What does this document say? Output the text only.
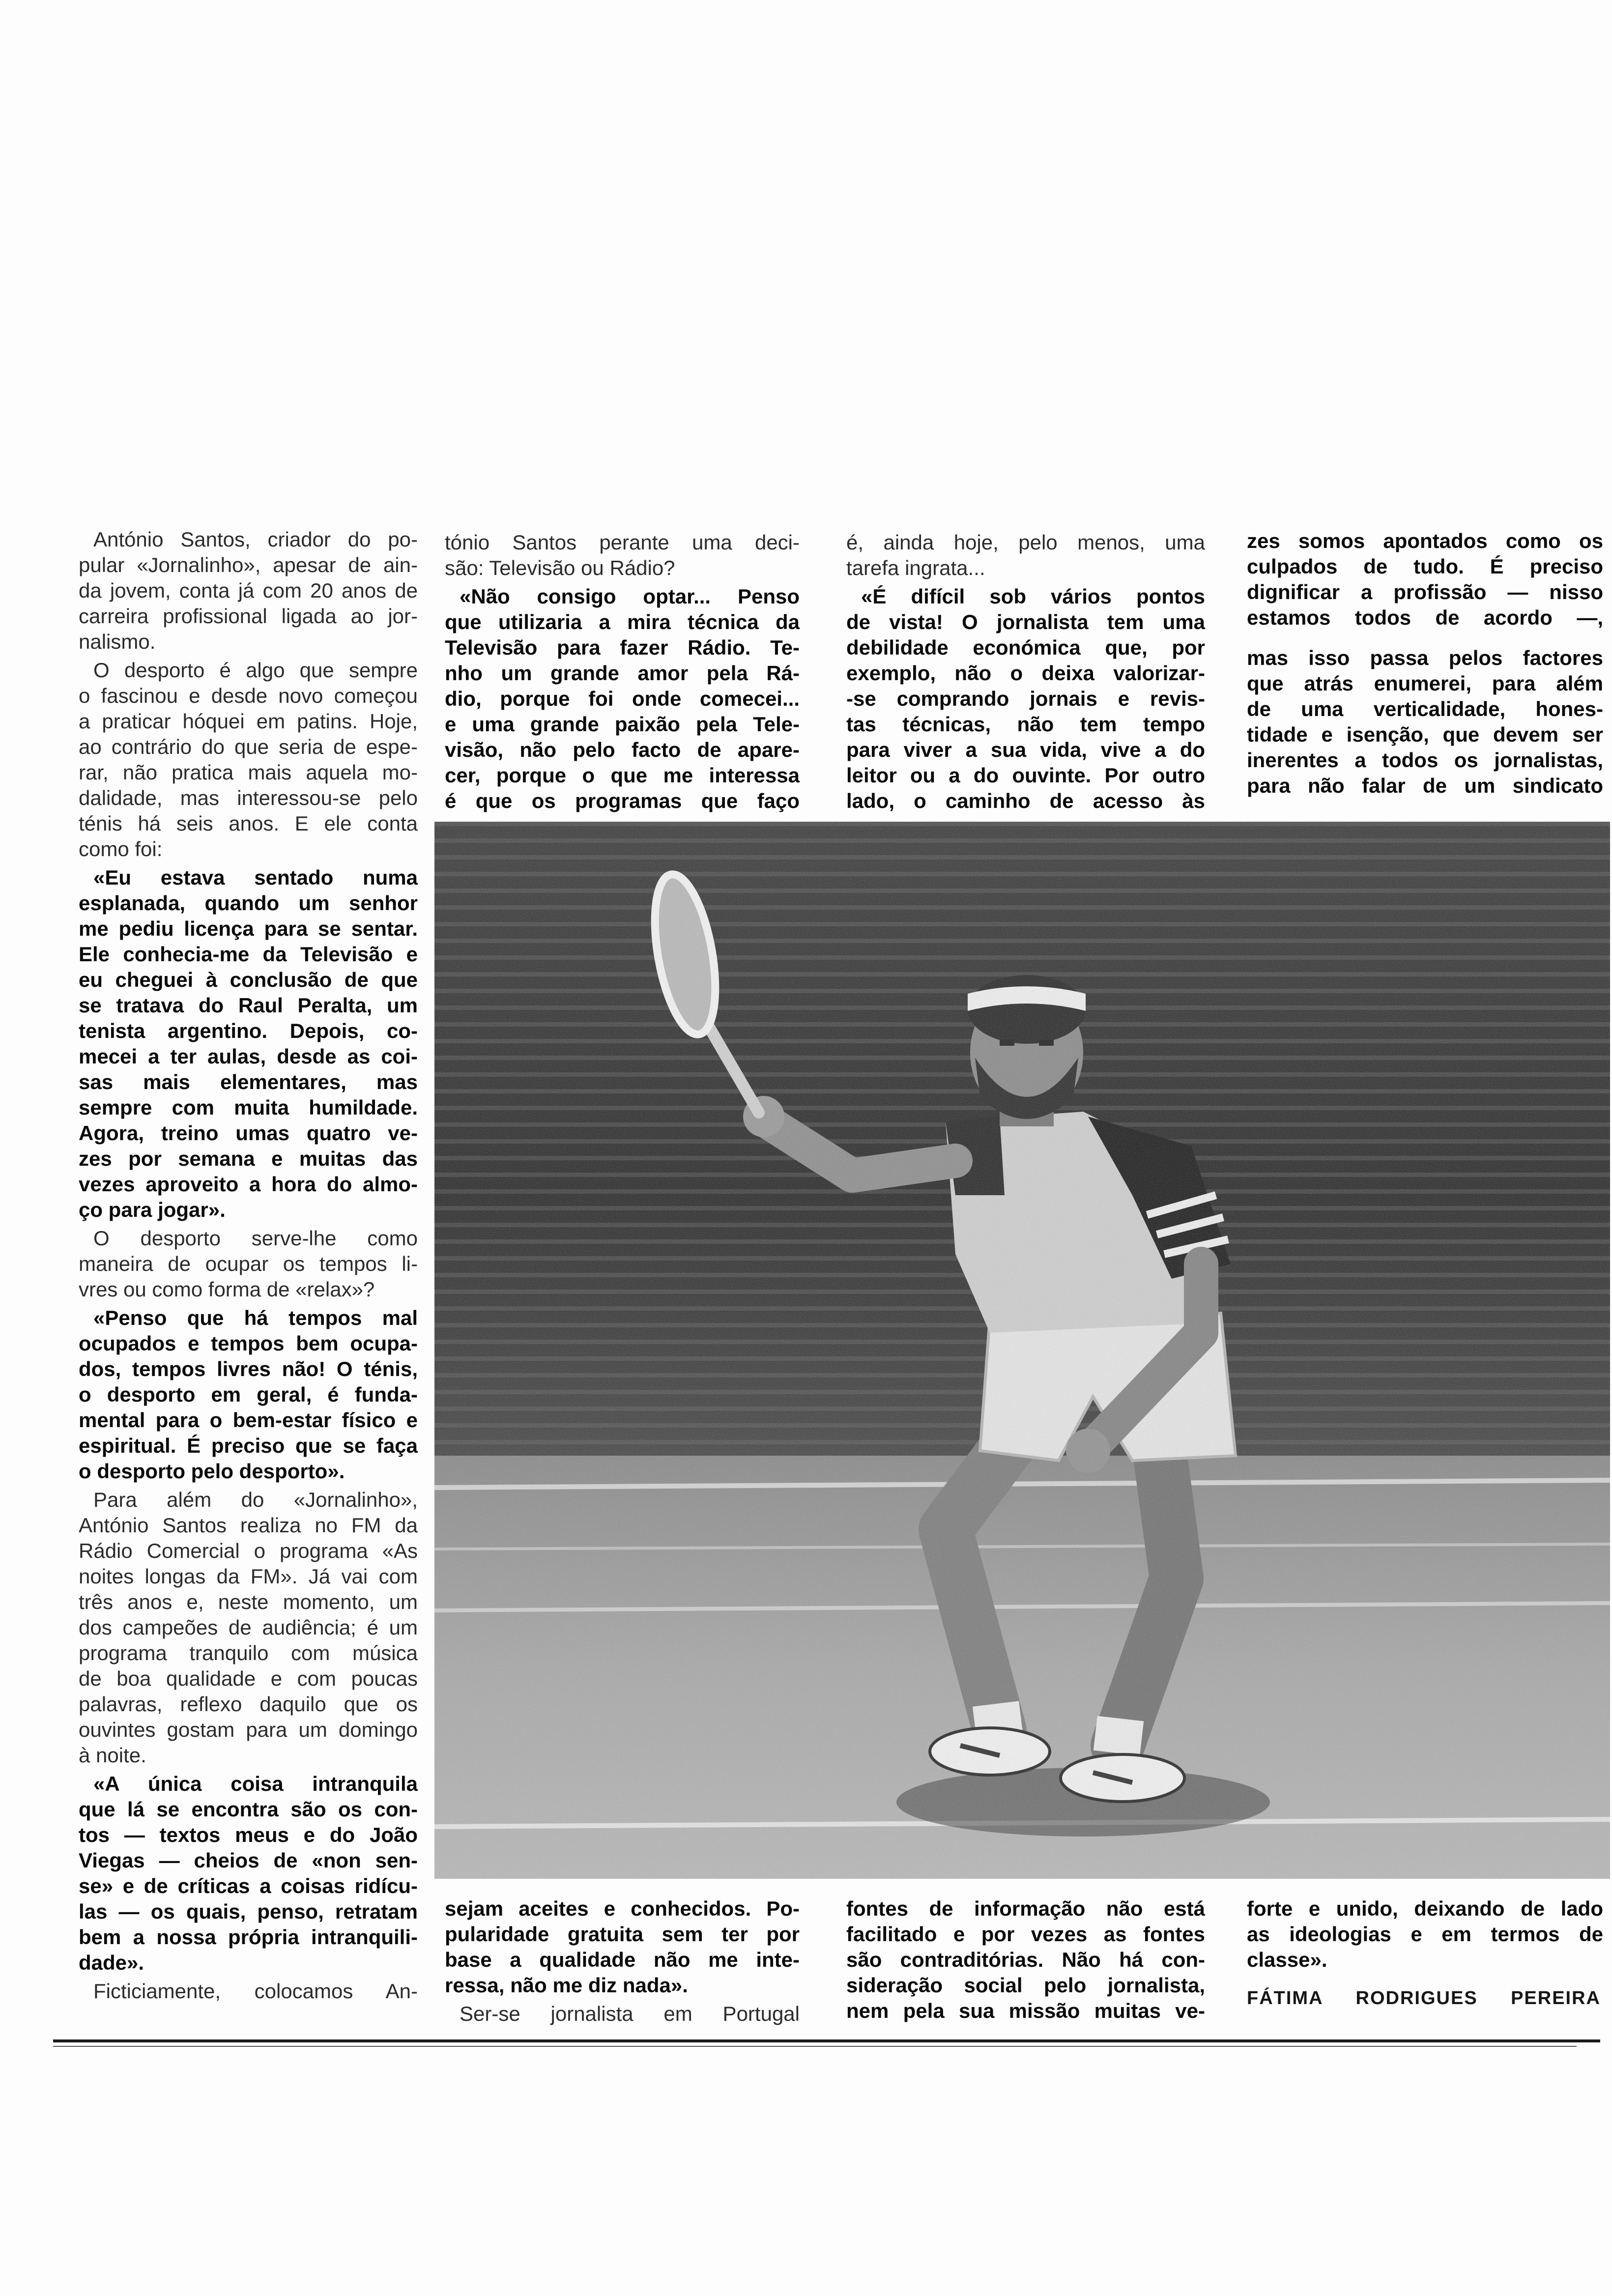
António Santos, criador do po-
pular «Jornalinho», apesar de ain-
da jovem, conta já com 20 anos de
carreira profissional ligada ao jor-
nalismo.
O desporto é algo que sempre
o fascinou e desde novo começou
a praticar hóquei em patins. Hoje,
ao contrário do que seria de espe-
rar, não pratica mais aquela mo-
dalidade, mas interessou-se pelo
ténis há seis anos. E ele conta
como foi:
«Eu estava sentado numa
esplanada, quando um senhor
me pediu licença para se sentar.
Ele conhecia-me da Televisão e
eu cheguei à conclusão de que
se tratava do Raul Peralta, um
tenista argentino. Depois, co-
mecei a ter aulas, desde as coi-
sas mais elementares, mas
sempre com muita humildade.
Agora, treino umas quatro ve-
zes por semana e muitas das
vezes aproveito a hora do almo-
ço para jogar».
O desporto serve-lhe como
maneira de ocupar os tempos li-
vres ou como forma de «relax»?
«Penso que há tempos mal
ocupados e tempos bem ocupa-
dos, tempos livres não! O ténis,
o desporto em geral, é funda-
mental para o bem-estar físico e
espiritual. É preciso que se faça
o desporto pelo desporto».
Para além do «Jornalinho»,
António Santos realiza no FM da
Rádio Comercial o programa «As
noites longas da FM». Já vai com
três anos e, neste momento, um
dos campeões de audiência; é um
programa tranquilo com música
de boa qualidade e com poucas
palavras, reflexo daquilo que os
ouvintes gostam para um domingo
à noite.
«A única coisa intranquila
que lá se encontra são os con-
tos — textos meus e do João
Viegas — cheios de «non sen-
se» e de críticas a coisas ridícu-
las — os quais, penso, retratam
bem a nossa própria intranquili-
dade».
Ficticiamente, colocamos An-
tónio Santos perante uma deci-
são: Televisão ou Rádio?
«Não consigo optar... Penso
que utilizaria a mira técnica da
Televisão para fazer Rádio. Te-
nho um grande amor pela Rá-
dio, porque foi onde comecei...
e uma grande paixão pela Tele-
visão, não pelo facto de apare-
cer, porque o que me interessa
é que os programas que faço
é, ainda hoje, pelo menos, uma
tarefa ingrata...
«É difícil sob vários pontos
de vista! O jornalista tem uma
debilidade económica que, por
exemplo, não o deixa valorizar-
-se comprando jornais e revis-
tas técnicas, não tem tempo
para viver a sua vida, vive a do
leitor ou a do ouvinte. Por outro
lado, o caminho de acesso às
zes somos apontados como os
culpados de tudo. É preciso
dignificar a profissão — nisso
estamos todos de acordo —,
mas isso passa pelos factores
que atrás enumerei, para além
de uma verticalidade, hones-
tidade e isenção, que devem ser
inerentes a todos os jornalistas,
para não falar de um sindicato
sejam aceites e conhecidos. Po-
pularidade gratuita sem ter por
base a qualidade não me inte-
ressa, não me diz nada».
Ser-se jornalista em Portugal
fontes de informação não está
facilitado e por vezes as fontes
são contraditórias. Não há con-
sideração social pelo jornalista,
nem pela sua missão muitas ve-
forte e unido, deixando de lado
as ideologias e em termos de
classe».
FÁTIMA RODRIGUES PEREIRA
